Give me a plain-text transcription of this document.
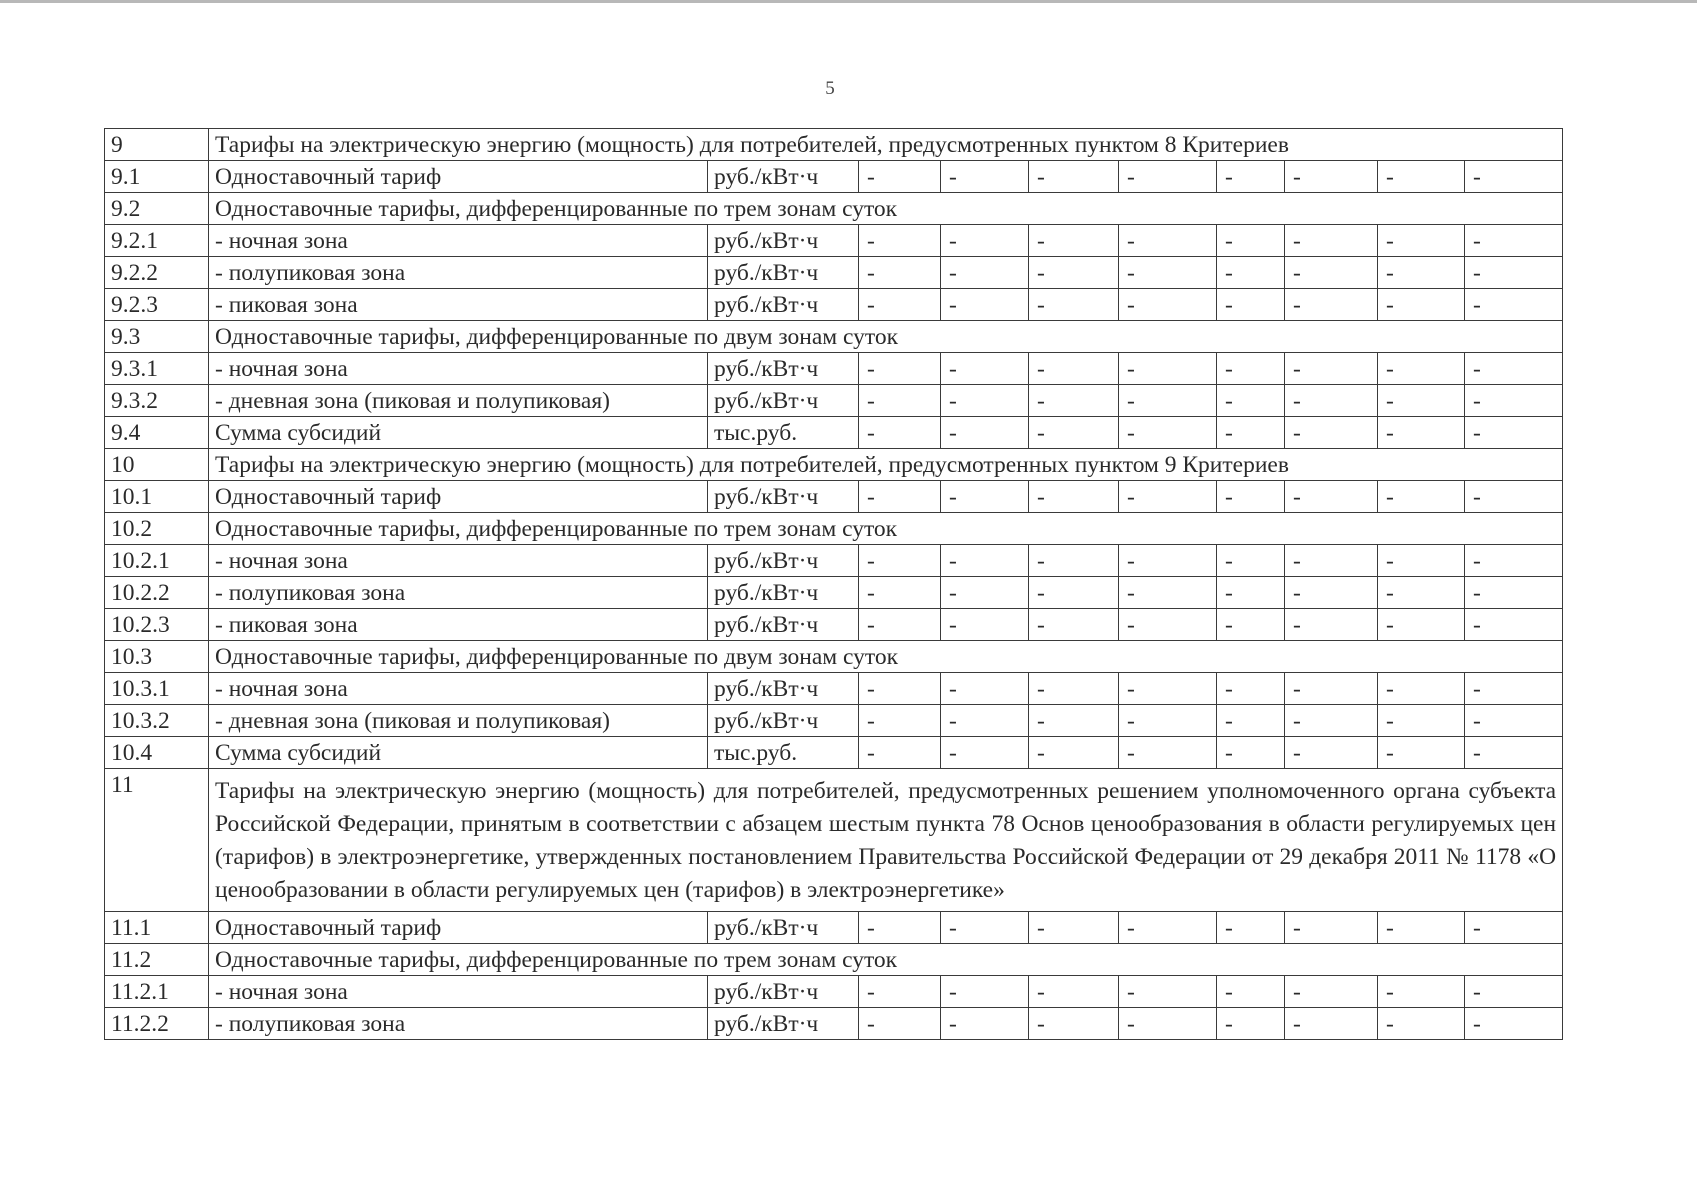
5
9	Тарифы на электрическую энергию (мощность) для потребителей, предусмотренных пунктом 8 Критериев									
9.1	Одноставочный тариф	руб./кВт·ч	-	-	-	-	-	-	-	-
9.2	Одноставочные тарифы, дифференцированные по трем зонам суток									
9.2.1	- ночная зона	руб./кВт·ч	-	-	-	-	-	-	-	-
9.2.2	- полупиковая зона	руб./кВт·ч	-	-	-	-	-	-	-	-
9.2.3	- пиковая зона	руб./кВт·ч	-	-	-	-	-	-	-	-
9.3	Одноставочные тарифы, дифференцированные по двум зонам суток									
9.3.1	- ночная зона	руб./кВт·ч	-	-	-	-	-	-	-	-
9.3.2	- дневная зона (пиковая и полупиковая)	руб./кВт·ч	-	-	-	-	-	-	-	-
9.4	Сумма субсидий	тыс.руб.	-	-	-	-	-	-	-	-
10	Тарифы на электрическую энергию (мощность) для потребителей, предусмотренных пунктом 9 Критериев									
10.1	Одноставочный тариф	руб./кВт·ч	-	-	-	-	-	-	-	-
10.2	Одноставочные тарифы, дифференцированные по трем зонам суток									
10.2.1	- ночная зона	руб./кВт·ч	-	-	-	-	-	-	-	-
10.2.2	- полупиковая зона	руб./кВт·ч	-	-	-	-	-	-	-	-
10.2.3	- пиковая зона	руб./кВт·ч	-	-	-	-	-	-	-	-
10.3	Одноставочные тарифы, дифференцированные по двум зонам суток									
10.3.1	- ночная зона	руб./кВт·ч	-	-	-	-	-	-	-	-
10.3.2	- дневная зона (пиковая и полупиковая)	руб./кВт·ч	-	-	-	-	-	-	-	-
10.4	Сумма субсидий	тыс.руб.	-	-	-	-	-	-	-	-
11	Тарифы на электрическую энергию (мощность) для потребителей, предусмотренных решением уполномоченного органа субъекта Российской Федерации, принятым в соответствии с абзацем шестым пункта 78 Основ ценообразования в области регулируемых цен (тарифов) в электроэнергетике, утвержденных постановлением Правительства Российской Федерации от 29 декабря 2011 № 1178 «О ценообразовании в области регулируемых цен (тарифов) в электроэнергетике»									
11.1	Одноставочный тариф	руб./кВт·ч	-	-	-	-	-	-	-	-
11.2	Одноставочные тарифы, дифференцированные по трем зонам суток									
11.2.1	- ночная зона	руб./кВт·ч	-	-	-	-	-	-	-	-
11.2.2	- полупиковая зона	руб./кВт·ч	-	-	-	-	-	-	-	-
